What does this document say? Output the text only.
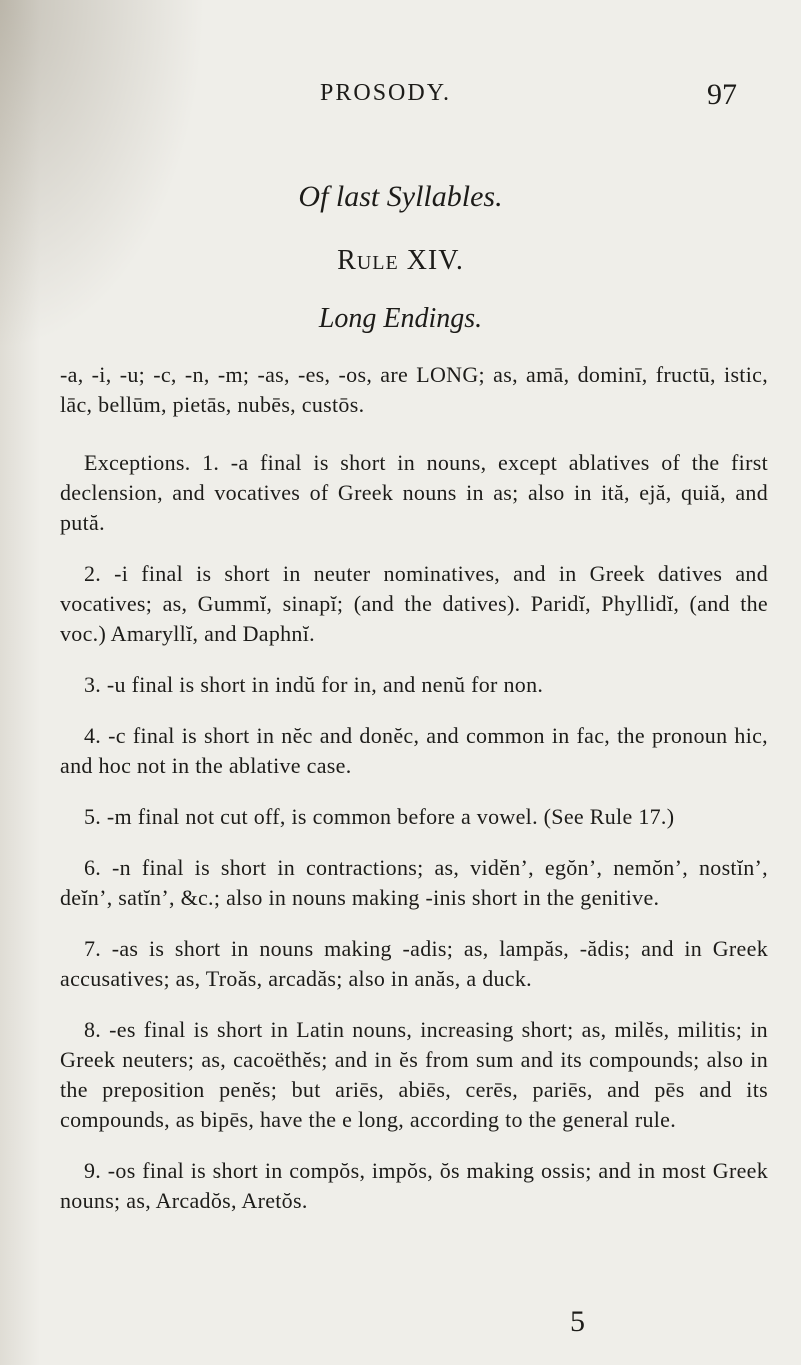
PROSODY.	97
Of last Syllables.
Rule XIV.
Long Endings.

-a, -i, -u; -c, -n, -m; -as, -es, -os, are LONG; as, amā, dominī, fructū, istic, lāc, bellūm, pietās, nubēs, custōs.

Exceptions. 1. -a final is short in nouns, except ablatives of the first declension, and vocatives of Greek nouns in as; also in ită, ejă, quiă, and pută.

2. -i final is short in neuter nominatives, and in Greek datives and vocatives; as, Gummĭ, sinapĭ; (and the datives). Paridĭ, Phyllidĭ, (and the voc.) Amaryllĭ, and Daphnĭ.

3. -u final is short in indŭ for in, and nenŭ for non.

4. -c final is short in nĕc and donĕc, and common in fac, the pronoun hic, and hoc not in the ablative case.

5. -m final not cut off, is common before a vowel. (See Rule 17.)

6. -n final is short in contractions; as, vidĕn’, egŏn’, nemŏn’, nostĭn’, deĭn’, satĭn’, &c.; also in nouns making -inis short in the genitive.

7. -as is short in nouns making -adis; as, lampăs, -ădis; and in Greek accusatives; as, Troăs, arcadăs; also in anăs, a duck.

8. -es final is short in Latin nouns, increasing short; as, milĕs, militis; in Greek neuters; as, cacoëthĕs; and in ĕs from sum and its compounds; also in the preposition penĕs; but ariēs, abiēs, cerēs, pariēs, and pēs and its compounds, as bipēs, have the e long, according to the general rule.

9. -os final is short in compŏs, impŏs, ŏs making ossis; and in most Greek nouns; as, Arcadŏs, Aretŏs.

5
